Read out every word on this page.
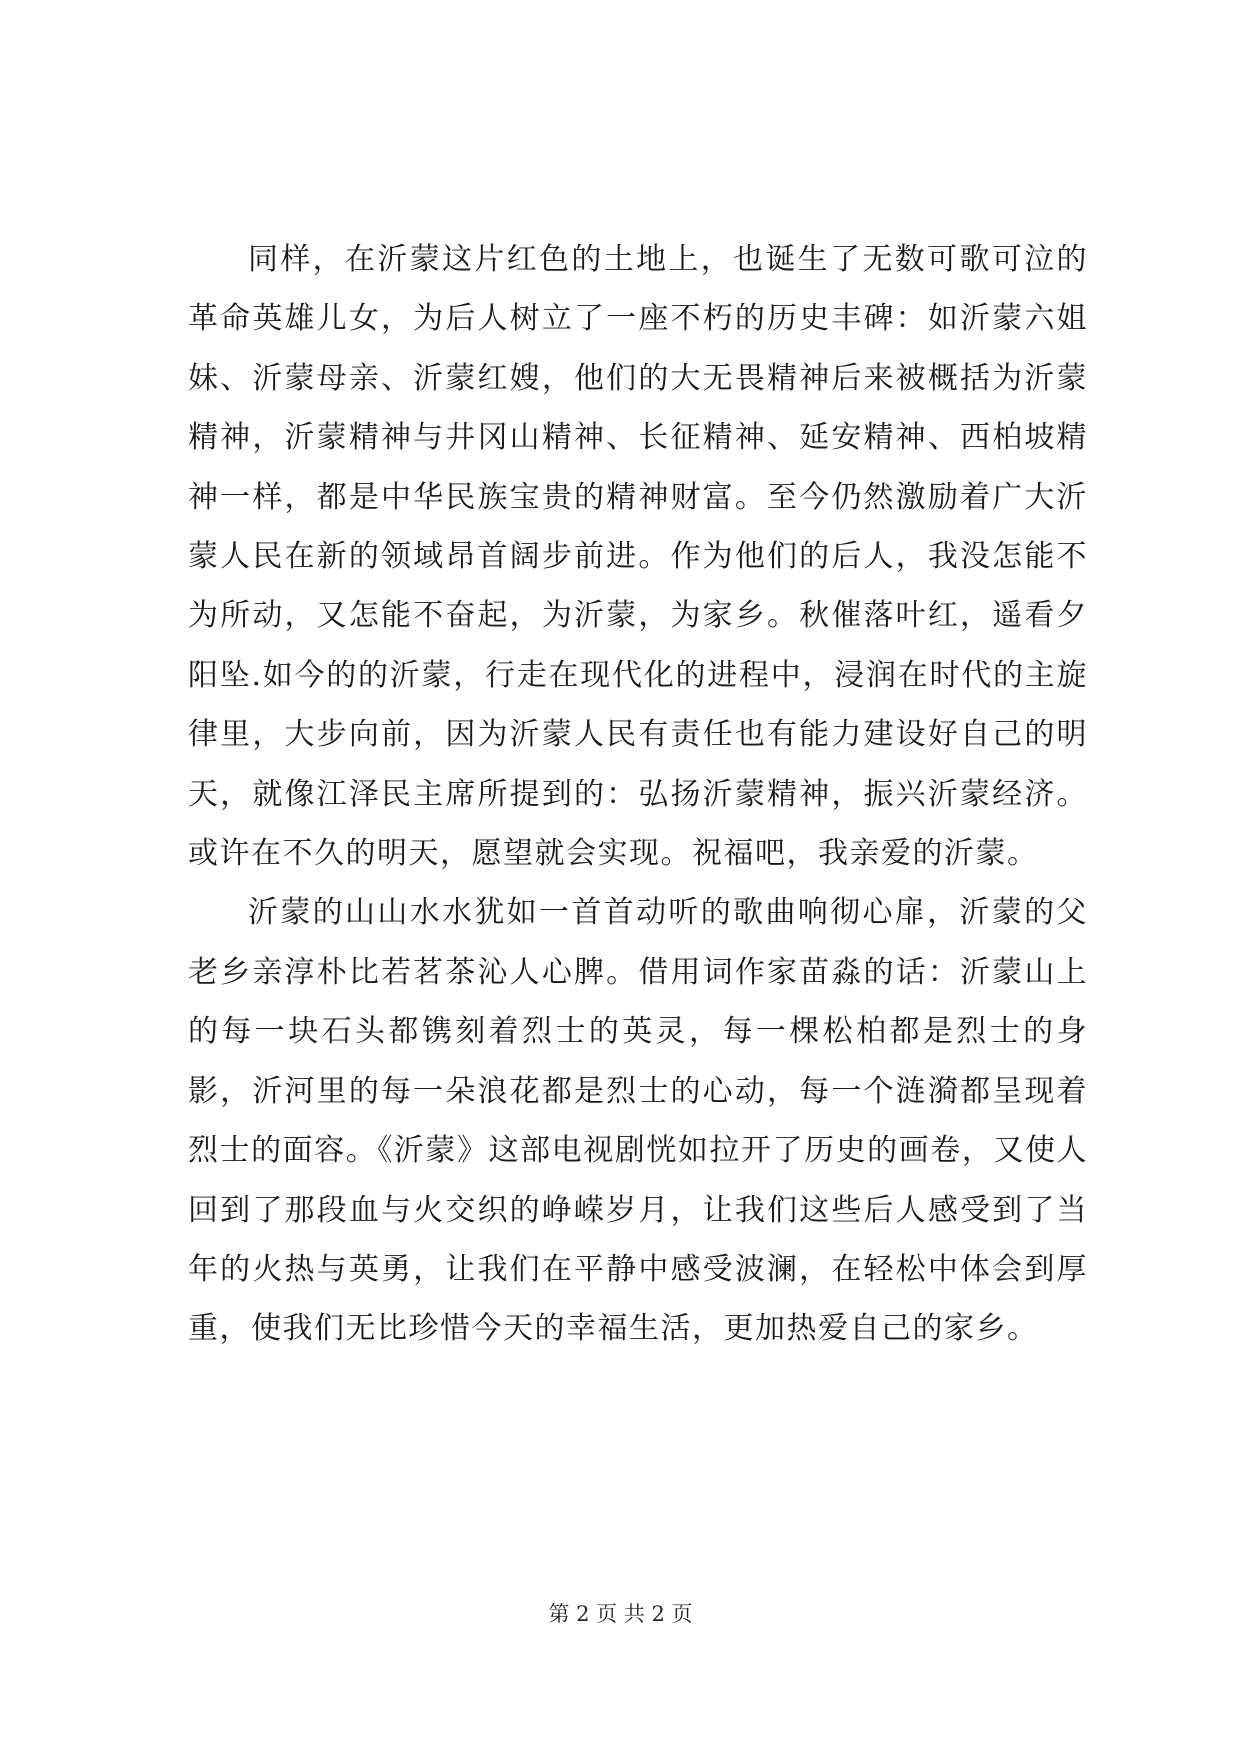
同样，在沂蒙这片红色的土地上，也诞生了无数可歌可泣的革命英雄儿女，为后人树立了一座不朽的历史丰碑：如沂蒙六姐妹、沂蒙母亲、沂蒙红嫂，他们的大无畏精神后来被概括为沂蒙精神，沂蒙精神与井冈山精神、长征精神、延安精神、西柏坡精神一样，都是中华民族宝贵的精神财富。至今仍然激励着广大沂蒙人民在新的领域昂首阔步前进。作为他们的后人，我没怎能不为所动，又怎能不奋起，为沂蒙，为家乡。秋催落叶红，遥看夕阳坠.如今的的沂蒙，行走在现代化的进程中，浸润在时代的主旋律里，大步向前，因为沂蒙人民有责任也有能力建设好自己的明天，就像江泽民主席所提到的：弘扬沂蒙精神，振兴沂蒙经济。或许在不久的明天，愿望就会实现。祝福吧，我亲爱的沂蒙。

沂蒙的山山水水犹如一首首动听的歌曲响彻心扉，沂蒙的父老乡亲淳朴比若茗茶沁人心脾。借用词作家苗淼的话：沂蒙山上的每一块石头都镌刻着烈士的英灵，每一棵松柏都是烈士的身影，沂河里的每一朵浪花都是烈士的心动，每一个涟漪都呈现着烈士的面容。《沂蒙》这部电视剧恍如拉开了历史的画卷，又使人回到了那段血与火交织的峥嵘岁月，让我们这些后人感受到了当年的火热与英勇，让我们在平静中感受波澜，在轻松中体会到厚重，使我们无比珍惜今天的幸福生活，更加热爱自己的家乡。

第 2 页 共 2 页
